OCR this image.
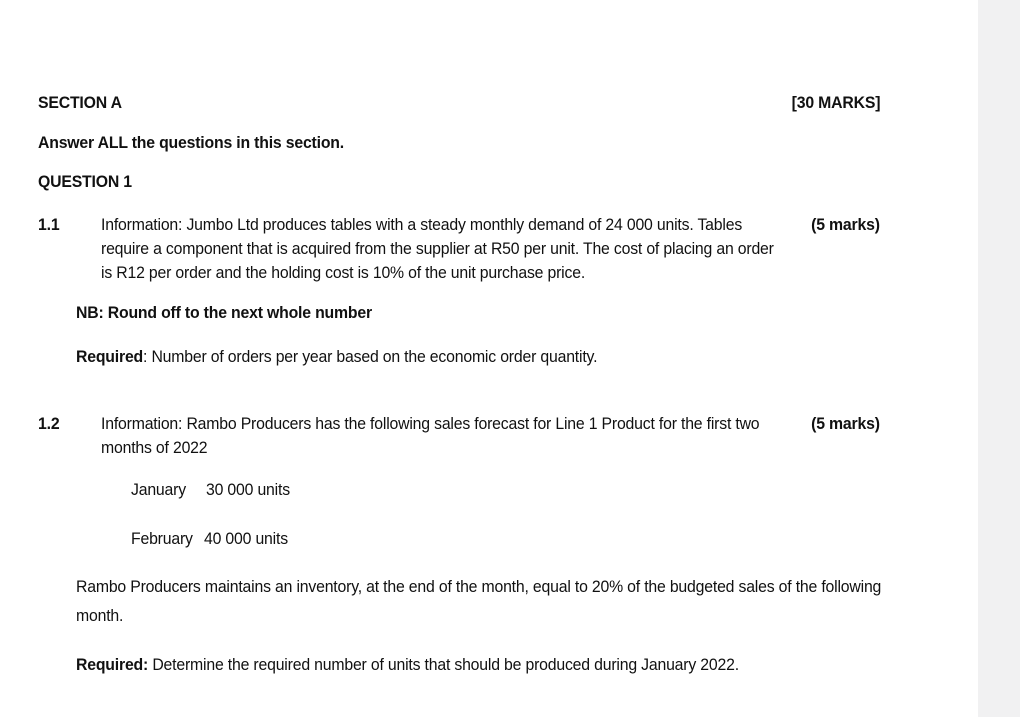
SECTION A	[30 MARKS]
Answer ALL the questions in this section.
QUESTION 1
1.1	(5 marks)
Information: Jumbo Ltd produces tables with a steady monthly demand of 24 000 units. Tables
require a component that is acquired from the supplier at R50 per unit. The cost of placing an order
is R12 per order and the holding cost is 10% of the unit purchase price.
NB: Round off to the next whole number
Required: Number of orders per year based on the economic order quantity.
1.2	(5 marks)
Information: Rambo Producers has the following sales forecast for Line 1 Product for the first two
months of 2022
January 30 000 units
February 40 000 units
Rambo Producers maintains an inventory, at the end of the month, equal to 20% of the budgeted sales of the following
month.
Required: Determine the required number of units that should be produced during January 2022.
